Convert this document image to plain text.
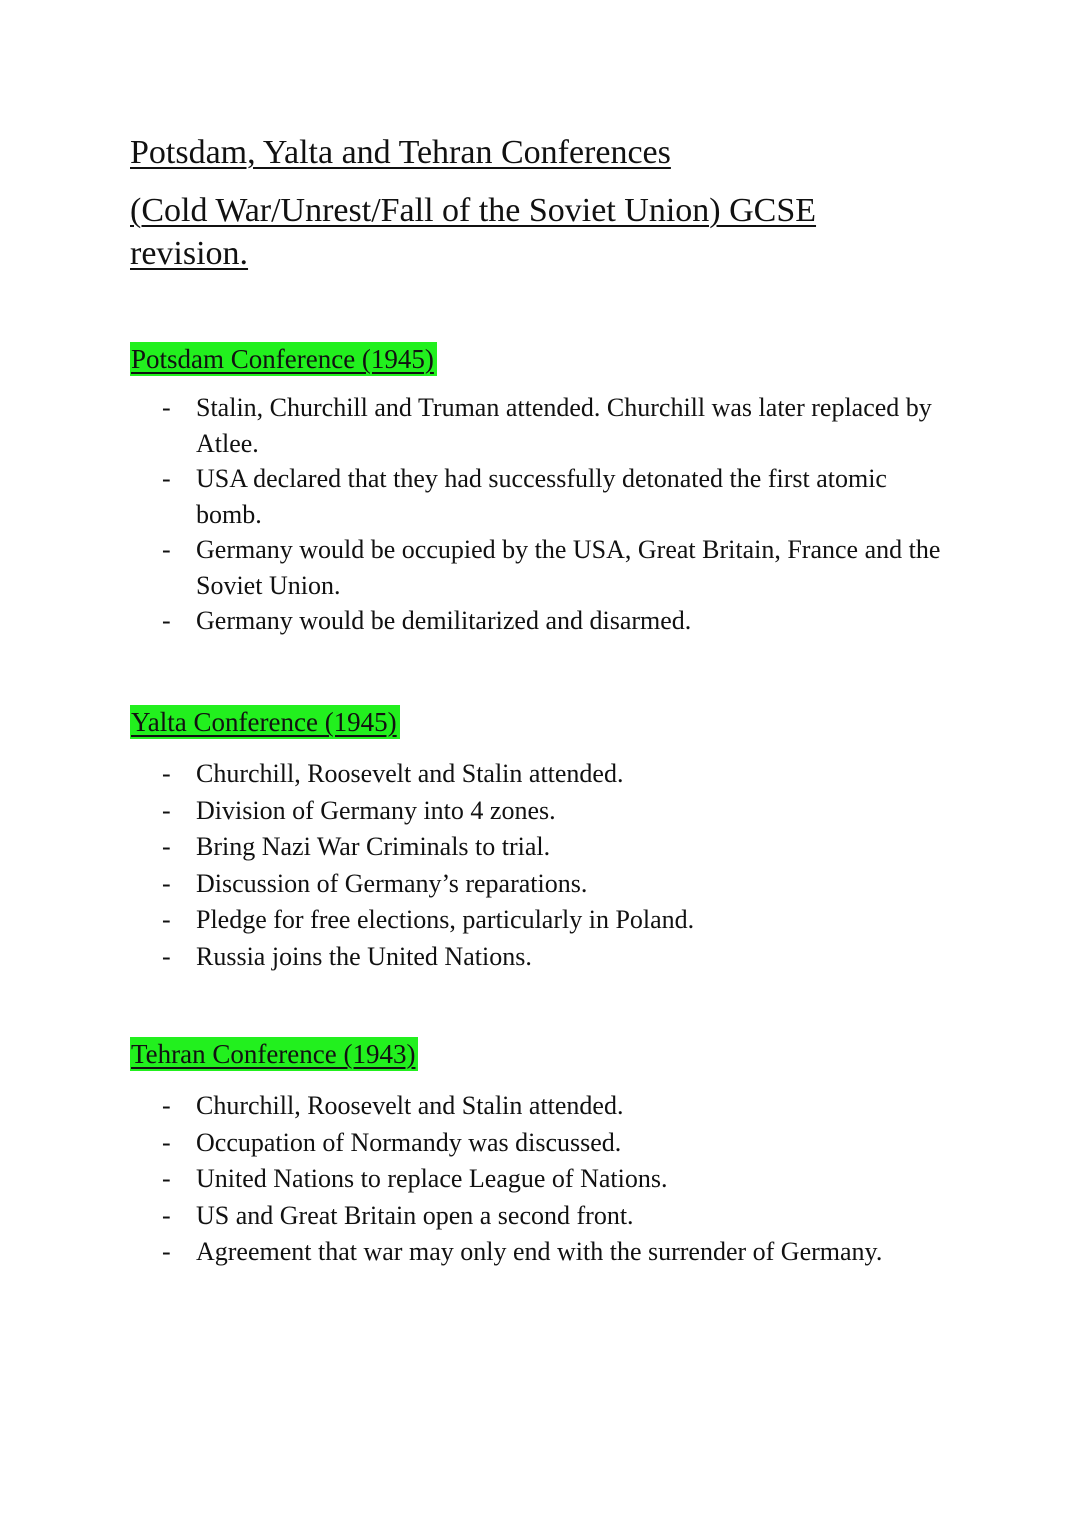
Potsdam, Yalta and Tehran Conferences
(Cold War/Unrest/Fall of the Soviet Union) GCSE
revision.
Potsdam Conference (1945)
- Stalin, Churchill and Truman attended. Churchill was later replaced by Atlee.
- USA declared that they had successfully detonated the first atomic bomb.
- Germany would be occupied by the USA, Great Britain, France and the Soviet Union.
- Germany would be demilitarized and disarmed.
Yalta Conference (1945)
- Churchill, Roosevelt and Stalin attended.
- Division of Germany into 4 zones.
- Bring Nazi War Criminals to trial.
- Discussion of Germany’s reparations.
- Pledge for free elections, particularly in Poland.
- Russia joins the United Nations.
Tehran Conference (1943)
- Churchill, Roosevelt and Stalin attended.
- Occupation of Normandy was discussed.
- United Nations to replace League of Nations.
- US and Great Britain open a second front.
- Agreement that war may only end with the surrender of Germany.
